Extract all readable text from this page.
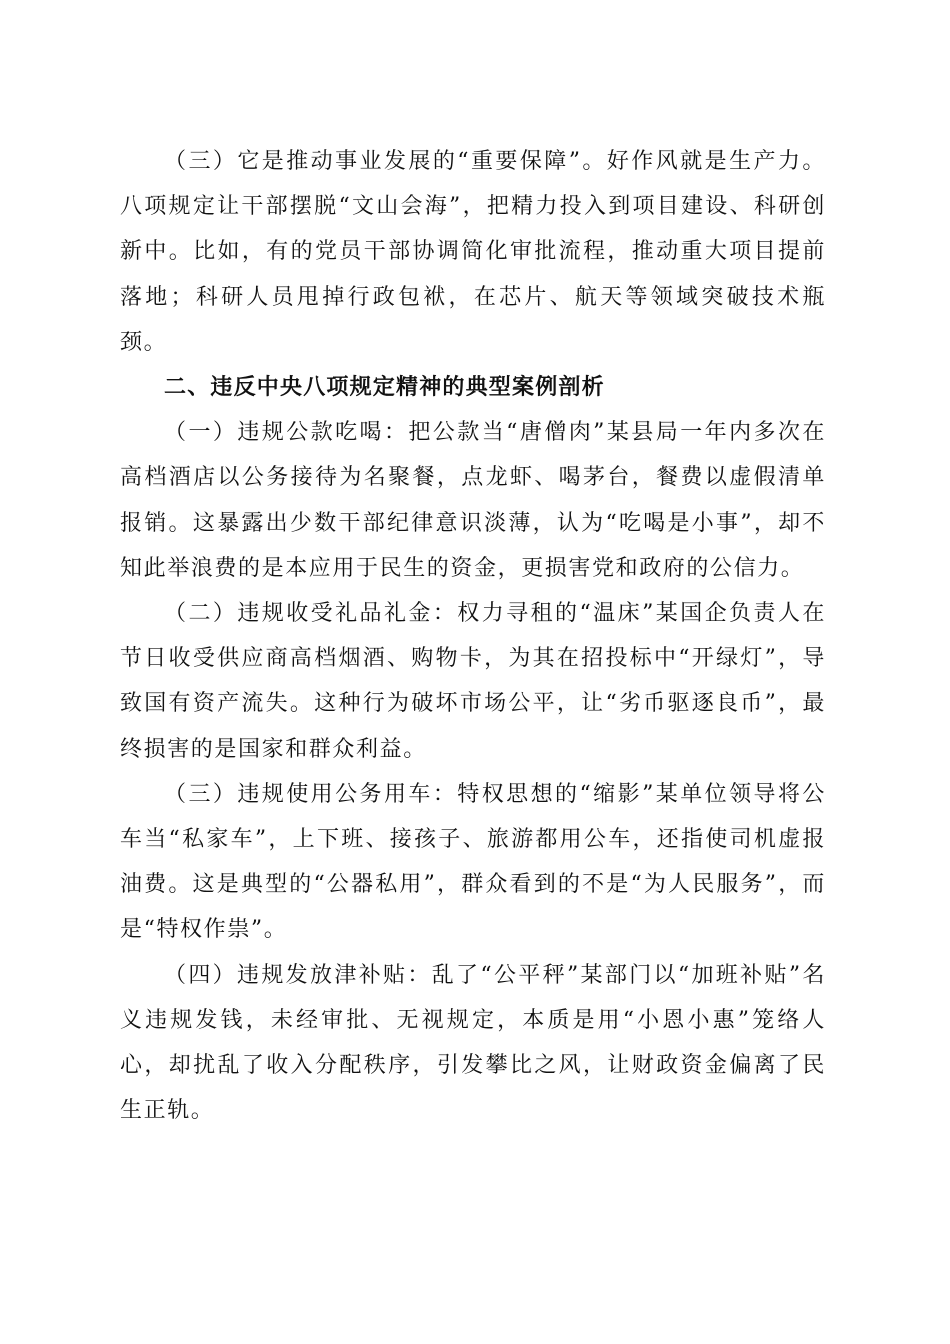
（三）它是推动事业发展的“重要保障”。好作风就是生产力。八项规定让干部摆脱“文山会海”，把精力投入到项目建设、科研创新中。比如，有的党员干部协调简化审批流程，推动重大项目提前落地；科研人员甩掉行政包袱，在芯片、航天等领域突破技术瓶颈。

二、违反中央八项规定精神的典型案例剖析

（一）违规公款吃喝：把公款当“唐僧肉”某县局一年内多次在高档酒店以公务接待为名聚餐，点龙虾、喝茅台，餐费以虚假清单报销。这暴露出少数干部纪律意识淡薄，认为“吃喝是小事”，却不知此举浪费的是本应用于民生的资金，更损害党和政府的公信力。

（二）违规收受礼品礼金：权力寻租的“温床”某国企负责人在节日收受供应商高档烟酒、购物卡，为其在招投标中“开绿灯”，导致国有资产流失。这种行为破坏市场公平，让“劣币驱逐良币”，最终损害的是国家和群众利益。

（三）违规使用公务用车：特权思想的“缩影”某单位领导将公车当“私家车”，上下班、接孩子、旅游都用公车，还指使司机虚报油费。这是典型的“公器私用”，群众看到的不是“为人民服务”，而是“特权作祟”。

（四）违规发放津补贴：乱了“公平秤”某部门以“加班补贴”名义违规发钱，未经审批、无视规定，本质是用“小恩小惠”笼络人心，却扰乱了收入分配秩序，引发攀比之风，让财政资金偏离了民生正轨。
